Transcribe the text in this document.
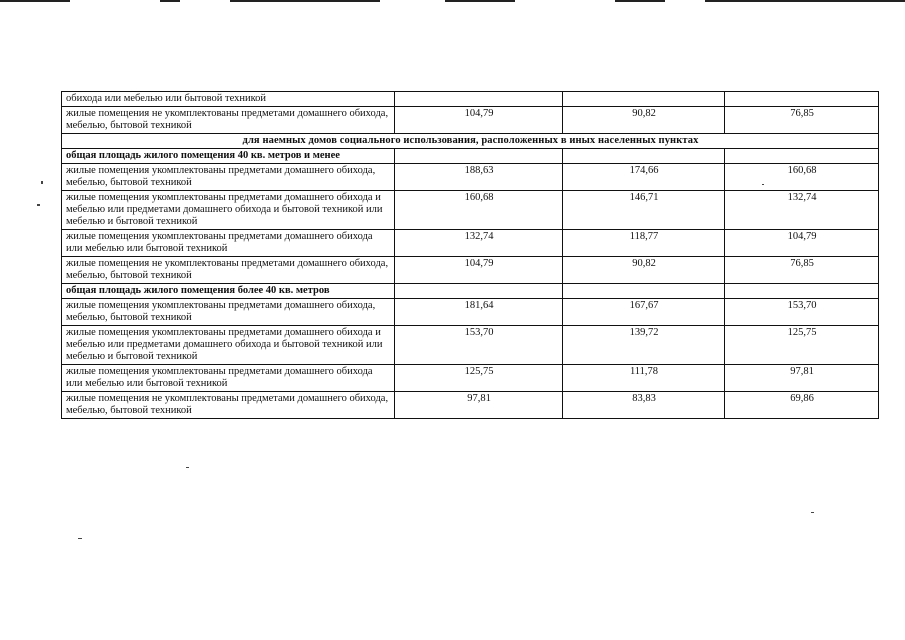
обихода или мебелью или бытовой техникой			
жилые помещения не укомплектованы предметами домашнего обихода, мебелью, бытовой техникой	104,79	90,82	76,85
для наемных домов социального использования, расположенных в иных населенных пунктах			
общая площадь жилого помещения 40 кв. метров и менее			
жилые помещения укомплектованы предметами домашнего обихода, мебелью, бытовой техникой	188,63	174,66	160,68
жилые помещения укомплектованы предметами домашнего обихода и мебелью или предметами домашнего обихода и бытовой техникой или мебелью и бытовой техникой	160,68	146,71	132,74
жилые помещения укомплектованы предметами домашнего обихода или мебелью или бытовой техникой	132,74	118,77	104,79
жилые помещения не укомплектованы предметами домашнего обихода, мебелью, бытовой техникой	104,79	90,82	76,85
общая площадь жилого помещения более 40 кв. метров			
жилые помещения укомплектованы предметами домашнего обихода, мебелью, бытовой техникой	181,64	167,67	153,70
жилые помещения укомплектованы предметами домашнего обихода и мебелью или предметами домашнего обихода и бытовой техникой или мебелью и бытовой техникой	153,70	139,72	125,75
жилые помещения укомплектованы предметами домашнего обихода или мебелью или бытовой техникой	125,75	111,78	97,81
жилые помещения не укомплектованы предметами домашнего обихода, мебелью, бытовой техникой	97,81	83,83	69,86
